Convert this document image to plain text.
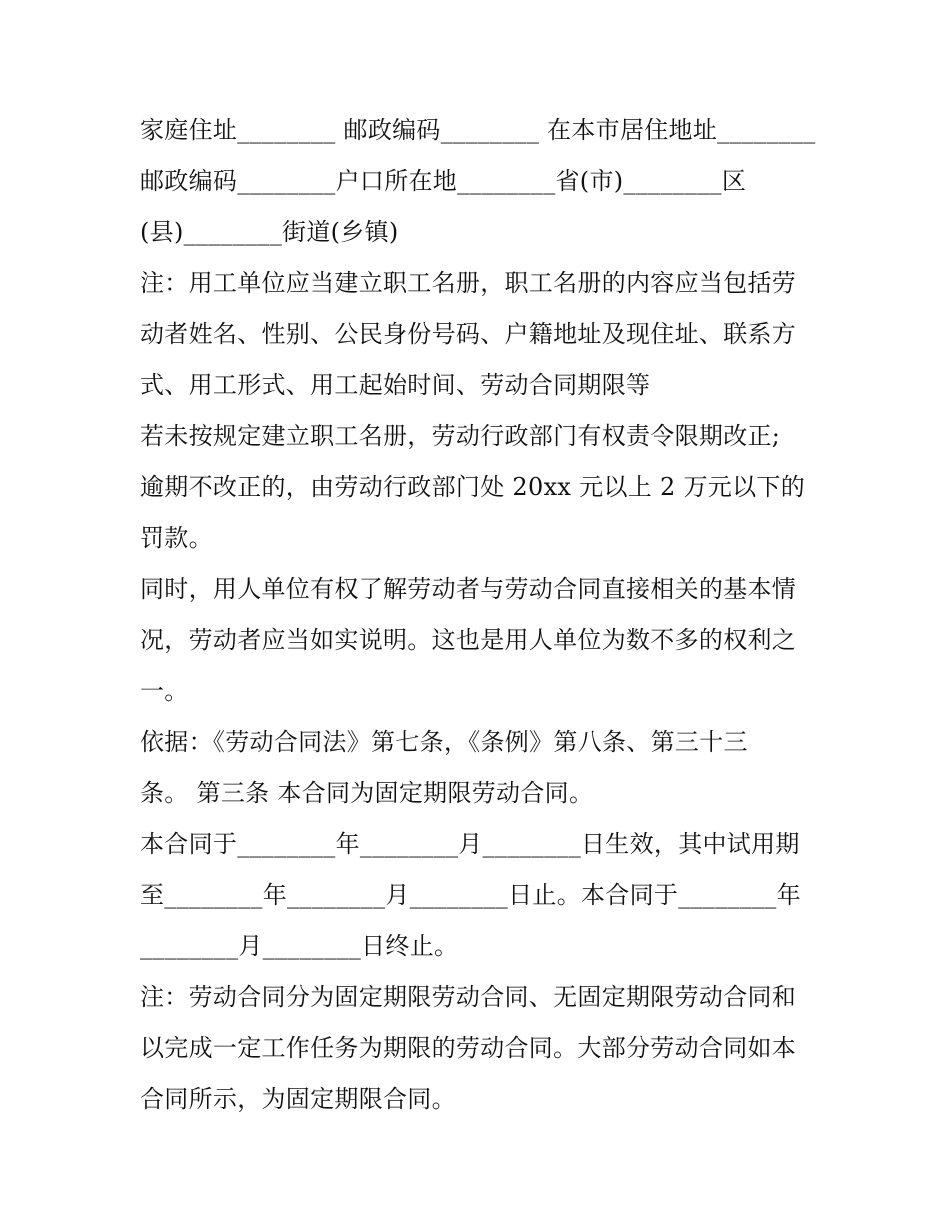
家庭住址________ 邮政编码________ 在本市居住地址________
邮政编码________户口所在地________省(市)________区
(县)________街道(乡镇)
注：用工单位应当建立职工名册，职工名册的内容应当包括劳
动者姓名、性别、公民身份号码、户籍地址及现住址、联系方
式、用工形式、用工起始时间、劳动合同期限等
若未按规定建立职工名册，劳动行政部门有权责令限期改正;
逾期不改正的，由劳动行政部门处 20xx 元以上 2 万元以下的
罚款。
同时，用人单位有权了解劳动者与劳动合同直接相关的基本情
况，劳动者应当如实说明。这也是用人单位为数不多的权利之
一。
依据：《劳动合同法》第七条，《条例》第八条、第三十三
条。 第三条 本合同为固定期限劳动合同。
本合同于________年________月________日生效，其中试用期
至________年________月________日止。本合同于________年
________月________日终止。
注：劳动合同分为固定期限劳动合同、无固定期限劳动合同和
以完成一定工作任务为期限的劳动合同。大部分劳动合同如本
合同所示，为固定期限合同。
